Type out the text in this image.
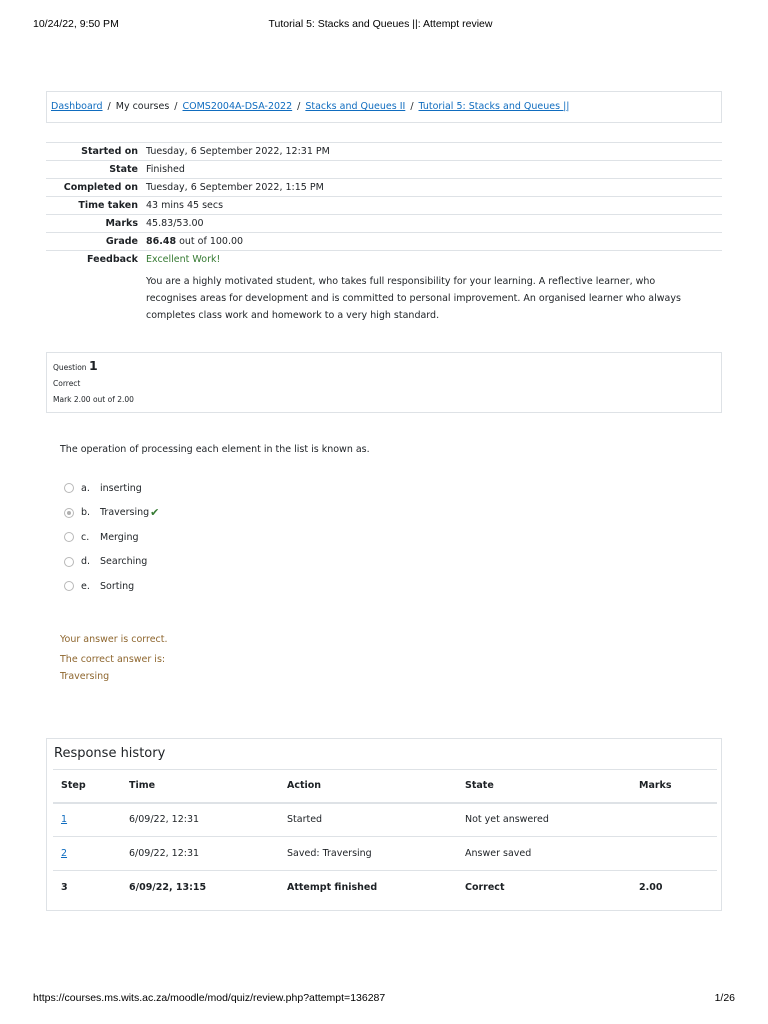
10/24/22, 9:50 PM	Tutorial 5: Stacks and Queues ||: Attempt review
Dashboard / My courses / COMS2004A-DSA-2022 / Stacks and Queues II / Tutorial 5: Stacks and Queues ||
Started on	Tuesday, 6 September 2022, 12:31 PM
State	Finished
Completed on	Tuesday, 6 September 2022, 1:15 PM
Time taken	43 mins 45 secs
Marks	45.83/53.00
Grade	86.48 out of 100.00
Feedback	Excellent Work!

	You are a highly motivated student, who takes full responsibility for your learning. A reflective learner, who recognises areas for development and is committed to personal improvement. An organised learner who always completes class work and homework to a very high standard.
Question 1
Correct
Mark 2.00 out of 2.00
The operation of processing each element in the list is known as.
a.	inserting
b.	Traversing ✔
c.	Merging
d.	Searching
e.	Sorting
Your answer is correct.
The correct answer is:
Traversing
Response history
Step	Time	Action	State	Marks
1	6/09/22, 12:31	Started	Not yet answered	
2	6/09/22, 12:31	Saved: Traversing	Answer saved	
3	6/09/22, 13:15	Attempt finished	Correct	2.00
https://courses.ms.wits.ac.za/moodle/mod/quiz/review.php?attempt=136287	1/26
